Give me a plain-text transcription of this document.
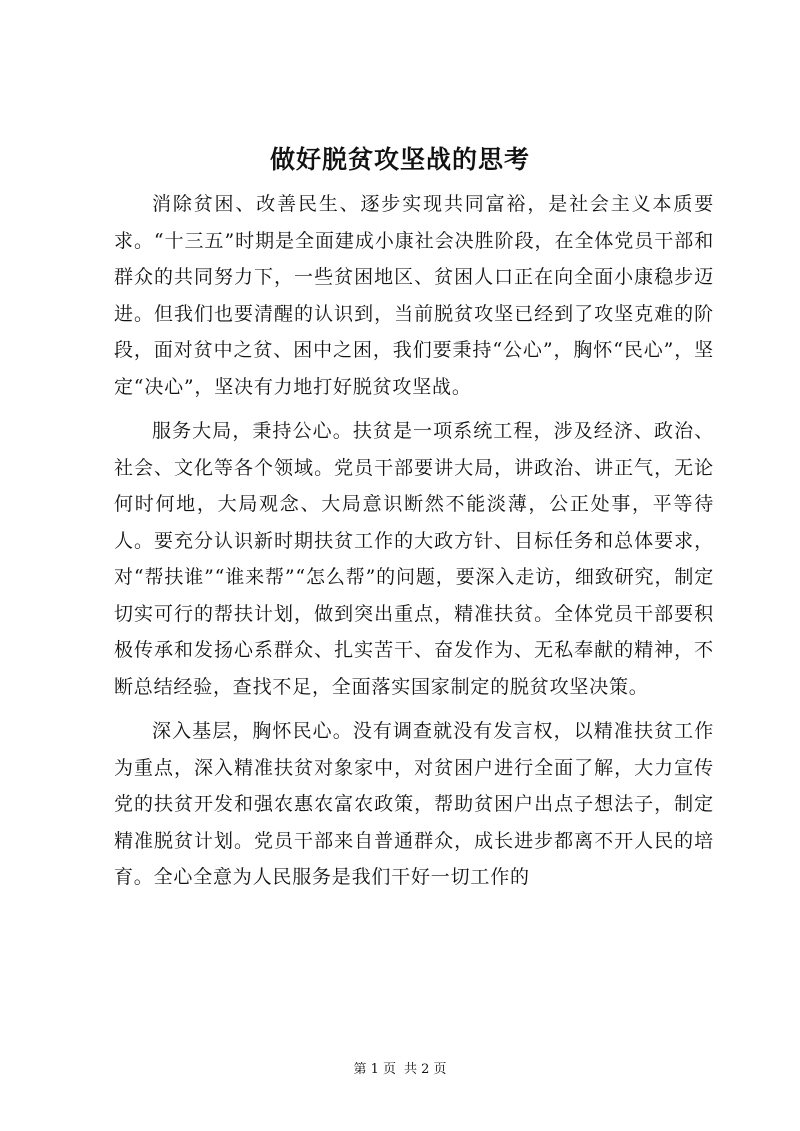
做好脱贫攻坚战的思考

消除贫困、改善民生、逐步实现共同富裕，是社会主义本质要求。“十三五”时期是全面建成小康社会决胜阶段，在全体党员干部和群众的共同努力下，一些贫困地区、贫困人口正在向全面小康稳步迈进。但我们也要清醒的认识到，当前脱贫攻坚已经到了攻坚克难的阶段，面对贫中之贫、困中之困，我们要秉持“公心”，胸怀“民心”，坚定“决心”，坚决有力地打好脱贫攻坚战。

服务大局，秉持公心。扶贫是一项系统工程，涉及经济、政治、社会、文化等各个领域。党员干部要讲大局，讲政治、讲正气，无论何时何地，大局观念、大局意识断然不能淡薄，公正处事，平等待人。要充分认识新时期扶贫工作的大政方针、目标任务和总体要求，对“帮扶谁”“谁来帮”“怎么帮”的问题，要深入走访，细致研究，制定切实可行的帮扶计划，做到突出重点，精准扶贫。全体党员干部要积极传承和发扬心系群众、扎实苦干、奋发作为、无私奉献的精神，不断总结经验，查找不足，全面落实国家制定的脱贫攻坚决策。

深入基层，胸怀民心。没有调查就没有发言权，以精准扶贫工作为重点，深入精准扶贫对象家中，对贫困户进行全面了解，大力宣传党的扶贫开发和强农惠农富农政策，帮助贫困户出点子想法子，制定精准脱贫计划。党员干部来自普通群众，成长进步都离不开人民的培育。全心全意为人民服务是我们干好一切工作的

第 1 页 共 2 页
